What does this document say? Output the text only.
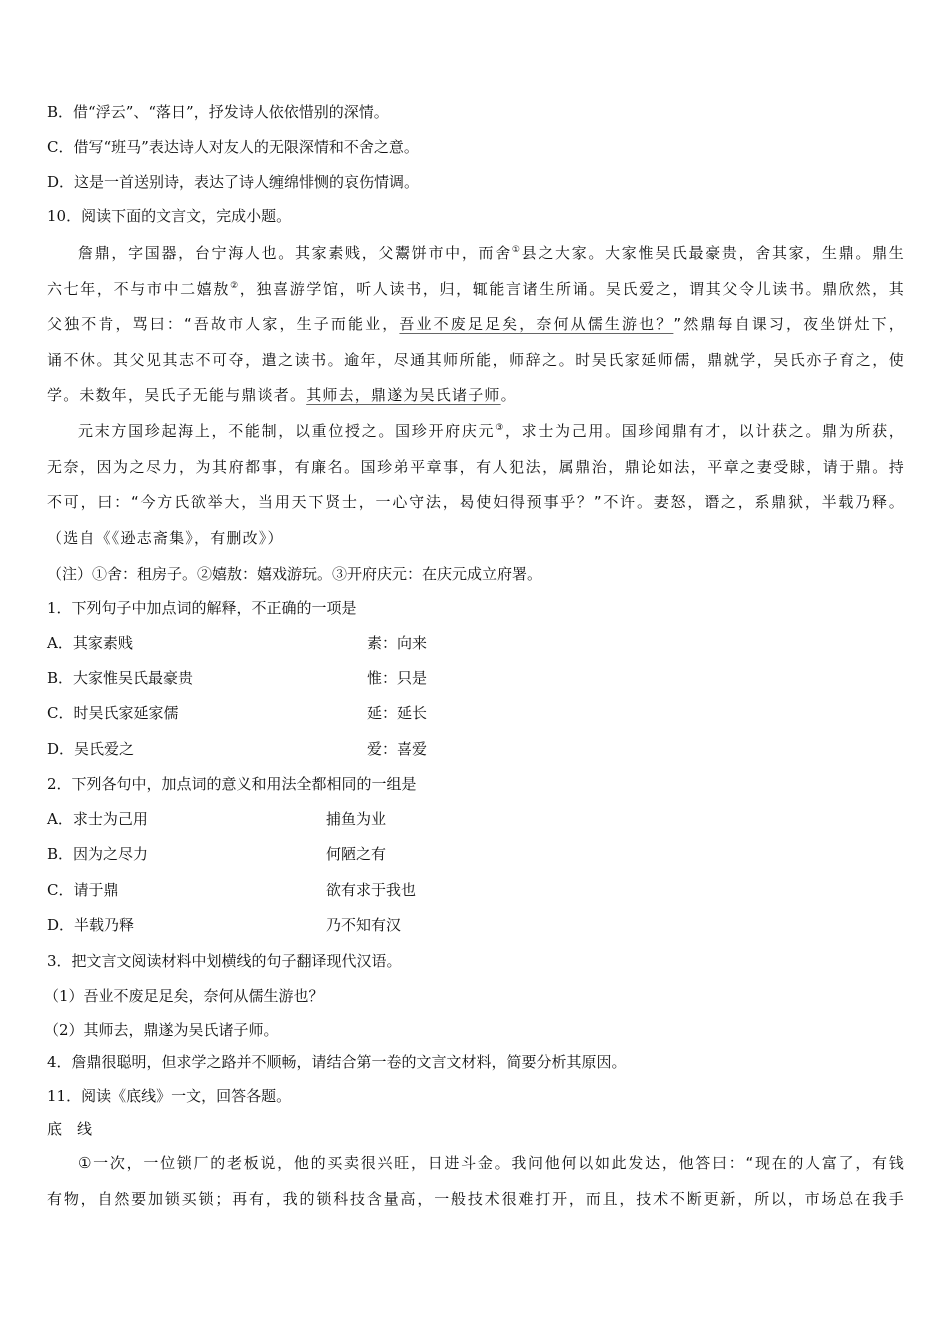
B．借“浮云”、“落日”，抒发诗人依依惜别的深情。
C．借写“班马”表达诗人对友人的无限深情和不舍之意。
D．这是一首送别诗，表达了诗人缠绵悱恻的哀伤情调。
10．阅读下面的文言文，完成小题。
詹鼎，字国器，台宁海人也。其家素贱，父鬻饼市中，而舍①县之大家。大家惟吴氏最豪贵，舍其家，生鼎。鼎生
六七年，不与市中二嬉敖②，独喜游学馆，听人读书，归，辄能言诸生所诵。吴氏爱之，谓其父令儿读书。鼎欣然，其
父独不肯，骂曰：“吾故市人家，生子而能业，吾业不废足足矣，奈何从儒生游也？”然鼎每自课习，夜坐饼灶下，
诵不休。其父见其志不可夺，遣之读书。逾年，尽通其师所能，师辞之。时吴氏家延师儒，鼎就学，吴氏亦子育之，使
学。未数年，吴氏子无能与鼎谈者。其师去，鼎遂为吴氏诸子师。
元末方国珍起海上，不能制，以重位授之。国珍开府庆元③，求士为己用。国珍闻鼎有才，以计获之。鼎为所获，
无奈，因为之尽力，为其府都事，有廉名。国珍弟平章事，有人犯法，属鼎治，鼎论如法，平章之妻受賕，请于鼎。持
不可，曰：“今方氏欲举大，当用天下贤士，一心守法，曷使妇得预事乎？”不许。妻怒，谮之，系鼎狱，半载乃释。
（选自《《逊志斋集》，有删改》）
（注）①舍：租房子。②嬉敖：嬉戏游玩。③开府庆元：在庆元成立府署。
1．下列句子中加点词的解释，不正确的一项是
A．其家素贱	素：向来
B．大家惟吴氏最豪贵	惟：只是
C．时吴氏家延家儒	延：延长
D．吴氏爱之	爱：喜爱
2．下列各句中，加点词的意义和用法全都相同的一组是
A．求士为己用	捕鱼为业
B．因为之尽力	何陋之有
C．请于鼎	欲有求于我也
D．半载乃释	乃不知有汉
3．把文言文阅读材料中划横线的句子翻译现代汉语。
（1）吾业不废足足矣，奈何从儒生游也？
（2）其师去，鼎遂为吴氏诸子师。
4．詹鼎很聪明，但求学之路并不顺畅，请结合第一卷的文言文材料，简要分析其原因。
11．阅读《底线》一文，回答各题。
底　线
①一次，一位锁厂的老板说，他的买卖很兴旺，日进斗金。我问他何以如此发达，他答曰：“现在的人富了，有钱
有物，自然要加锁买锁；再有，我的锁科技含量高，一般技术很难打开，而且，技术不断更新，所以，市场总在我手
